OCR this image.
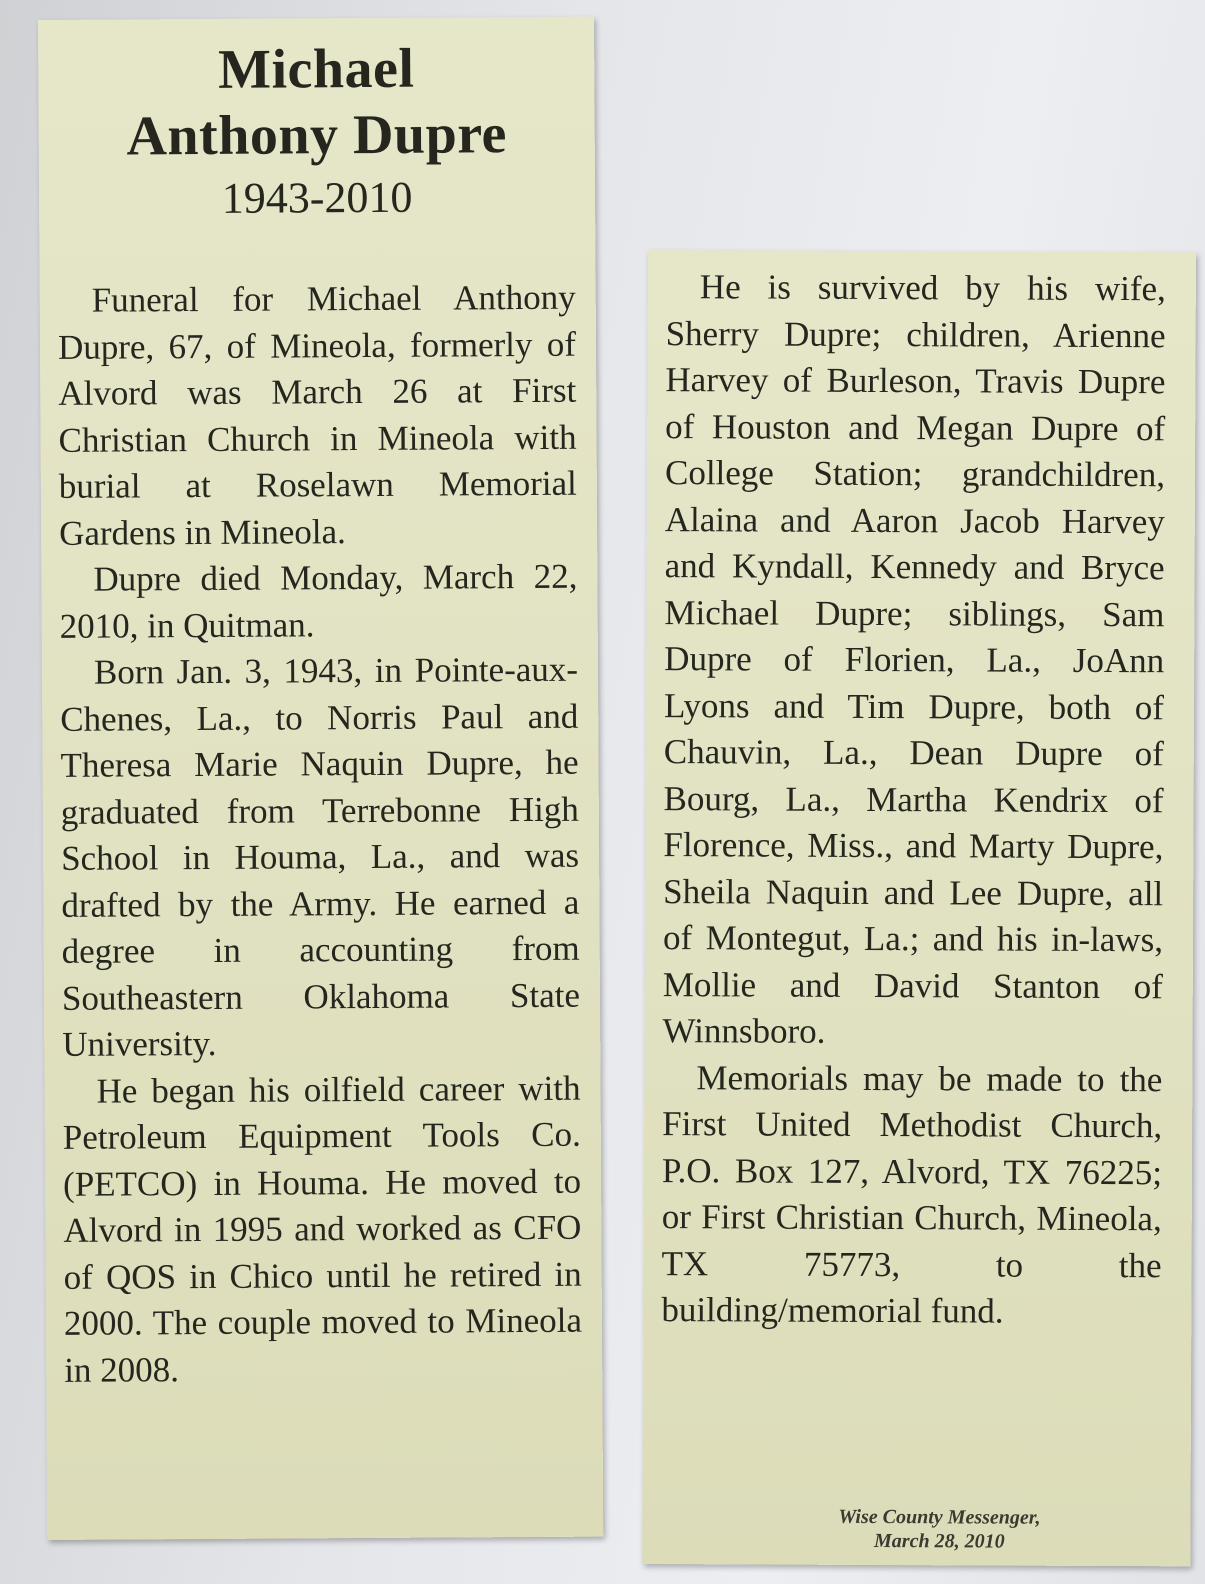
Michael
Anthony Dupre
1943-2010

Funeral for Michael Anthony Dupre, 67, of Mineola, formerly of Alvord was March 26 at First Christian Church in Mineola with burial at Roselawn Memorial Gardens in Mineola.

Dupre died Monday, March 22, 2010, in Quitman.

Born Jan. 3, 1943, in Pointe-aux-Chenes, La., to Norris Paul and Theresa Marie Naquin Dupre, he graduated from Terrebonne High School in Houma, La., and was drafted by the Army. He earned a degree in accounting from Southeastern Oklahoma State University.

He began his oilfield career with Petroleum Equipment Tools Co. (PETCO) in Houma. He moved to Alvord in 1995 and worked as CFO of QOS in Chico until he retired in 2000. The couple moved to Mineola in 2008.

He is survived by his wife, Sherry Dupre; children, Arienne Harvey of Burleson, Travis Dupre of Houston and Megan Dupre of College Station; grandchildren, Alaina and Aaron Jacob Harvey and Kyndall, Kennedy and Bryce Michael Dupre; siblings, Sam Dupre of Florien, La., JoAnn Lyons and Tim Dupre, both of Chauvin, La., Dean Dupre of Bourg, La., Martha Kendrix of Florence, Miss., and Marty Dupre, Sheila Naquin and Lee Dupre, all of Montegut, La.; and his in-laws, Mollie and David Stanton of Winnsboro.

Memorials may be made to the First United Methodist Church, P.O. Box 127, Alvord, TX 76225; or First Christian Church, Mineola, TX 75773, to the building/memorial fund.

Wise County Messenger,
March 28, 2010
